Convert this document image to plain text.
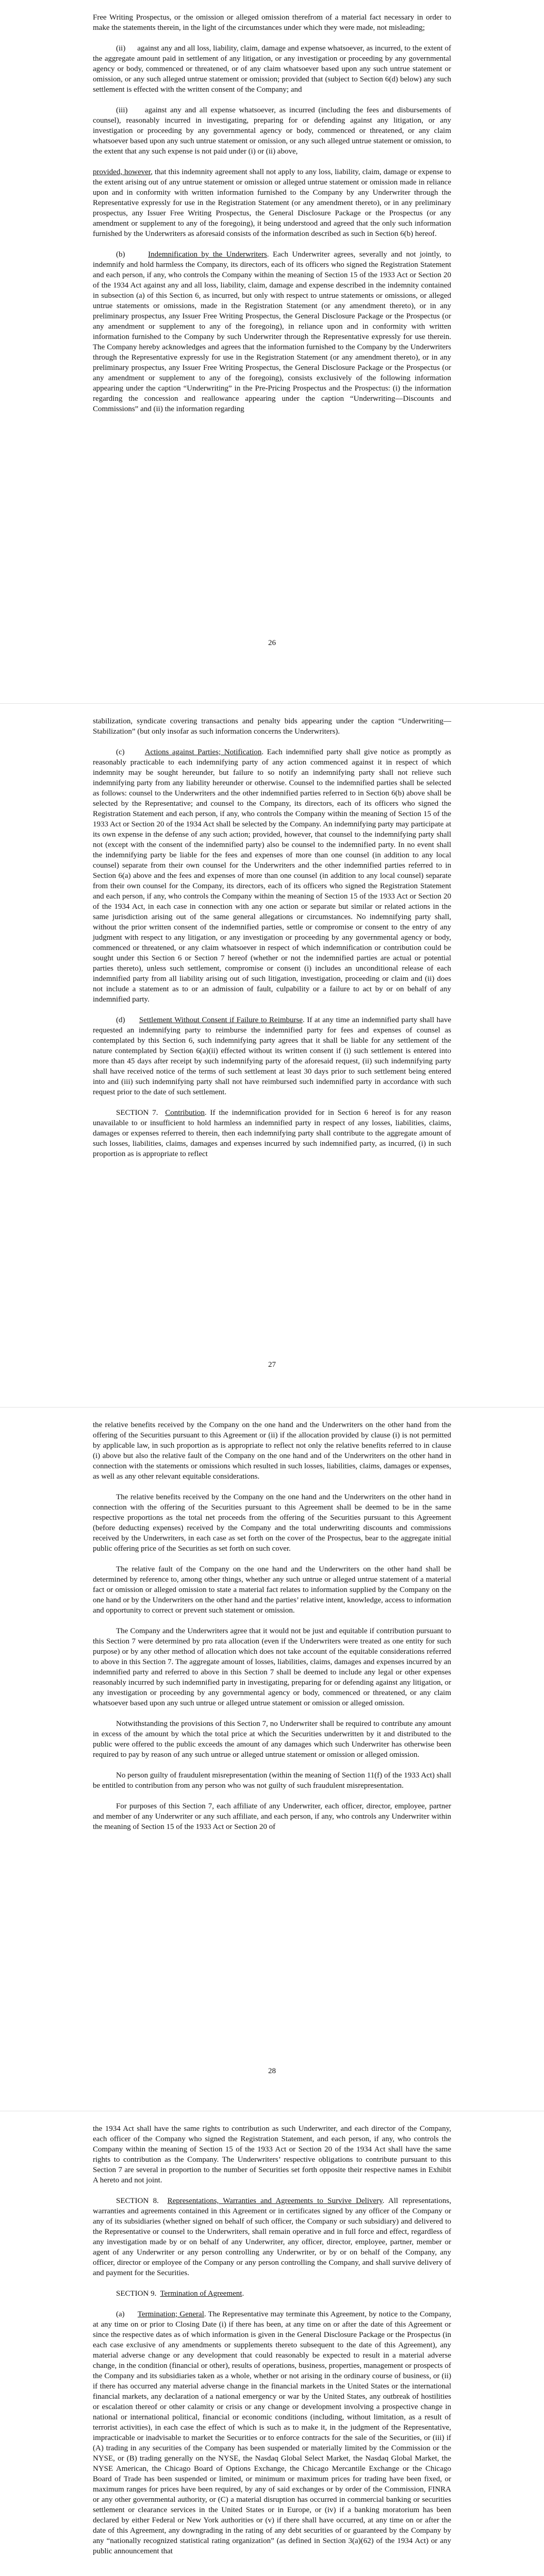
Free Writing Prospectus, or the omission or alleged omission therefrom of a material fact necessary in order to make the statements therein, in the light of the circumstances under which they were made, not misleading;

(ii)      against any and all loss, liability, claim, damage and expense whatsoever, as incurred, to the extent of the aggregate amount paid in settlement of any litigation, or any investigation or proceeding by any governmental agency or body, commenced or threatened, or of any claim whatsoever based upon any such untrue statement or omission, or any such alleged untrue statement or omission; provided that (subject to Section 6(d) below) any such settlement is effected with the written consent of the Company; and

(iii)     against any and all expense whatsoever, as incurred (including the fees and disbursements of counsel), reasonably incurred in investigating, preparing for or defending against any litigation, or any investigation or proceeding by any governmental agency or body, commenced or threatened, or any claim whatsoever based upon any such untrue statement or omission, or any such alleged untrue statement or omission, to the extent that any such expense is not paid under (i) or (ii) above,

provided, however, that this indemnity agreement shall not apply to any loss, liability, claim, damage or expense to the extent arising out of any untrue statement or omission or alleged untrue statement or omission made in reliance upon and in conformity with written information furnished to the Company by any Underwriter through the Representative expressly for use in the Registration Statement (or any amendment thereto), or in any preliminary prospectus, any Issuer Free Writing Prospectus, the General Disclosure Package or the Prospectus (or any amendment or supplement to any of the foregoing), it being understood and agreed that the only such information furnished by the Underwriters as aforesaid consists of the information described as such in Section 6(b) hereof.

(b)      Indemnification by the Underwriters. Each Underwriter agrees, severally and not jointly, to indemnify and hold harmless the Company, its directors, each of its officers who signed the Registration Statement and each person, if any, who controls the Company within the meaning of Section 15 of the 1933 Act or Section 20 of the 1934 Act against any and all loss, liability, claim, damage and expense described in the indemnity contained in subsection (a) of this Section 6, as incurred, but only with respect to untrue statements or omissions, or alleged untrue statements or omissions, made in the Registration Statement (or any amendment thereto), or in any preliminary prospectus, any Issuer Free Writing Prospectus, the General Disclosure Package or the Prospectus (or any amendment or supplement to any of the foregoing), in reliance upon and in conformity with written information furnished to the Company by such Underwriter through the Representative expressly for use therein. The Company hereby acknowledges and agrees that the information furnished to the Company by the Underwriters through the Representative expressly for use in the Registration Statement (or any amendment thereto), or in any preliminary prospectus, any Issuer Free Writing Prospectus, the General Disclosure Package or the Prospectus (or any amendment or supplement to any of the foregoing), consists exclusively of the following information appearing under the caption “Underwriting” in the Pre-Pricing Prospectus and the Prospectus: (i) the information regarding the concession and reallowance appearing under the caption “Underwriting—Discounts and Commissions” and (ii) the information regarding

26

stabilization, syndicate covering transactions and penalty bids appearing under the caption “Underwriting—Stabilization” (but only insofar as such information concerns the Underwriters).

(c)      Actions against Parties; Notification. Each indemnified party shall give notice as promptly as reasonably practicable to each indemnifying party of any action commenced against it in respect of which indemnity may be sought hereunder, but failure to so notify an indemnifying party shall not relieve such indemnifying party from any liability hereunder or otherwise. Counsel to the indemnified parties shall be selected as follows: counsel to the Underwriters and the other indemnified parties referred to in Section 6(b) above shall be selected by the Representative; and counsel to the Company, its directors, each of its officers who signed the Registration Statement and each person, if any, who controls the Company within the meaning of Section 15 of the 1933 Act or Section 20 of the 1934 Act shall be selected by the Company. An indemnifying party may participate at its own expense in the defense of any such action; provided, however, that counsel to the indemnifying party shall not (except with the consent of the indemnified party) also be counsel to the indemnified party. In no event shall the indemnifying party be liable for the fees and expenses of more than one counsel (in addition to any local counsel) separate from their own counsel for the Underwriters and the other indemnified parties referred to in Section 6(a) above and the fees and expenses of more than one counsel (in addition to any local counsel) separate from their own counsel for the Company, its directors, each of its officers who signed the Registration Statement and each person, if any, who controls the Company within the meaning of Section 15 of the 1933 Act or Section 20 of the 1934 Act, in each case in connection with any one action or separate but similar or related actions in the same jurisdiction arising out of the same general allegations or circumstances. No indemnifying party shall, without the prior written consent of the indemnified parties, settle or compromise or consent to the entry of any judgment with respect to any litigation, or any investigation or proceeding by any governmental agency or body, commenced or threatened, or any claim whatsoever in respect of which indemnification or contribution could be sought under this Section 6 or Section 7 hereof (whether or not the indemnified parties are actual or potential parties thereto), unless such settlement, compromise or consent (i) includes an unconditional release of each indemnified party from all liability arising out of such litigation, investigation, proceeding or claim and (ii) does not include a statement as to or an admission of fault, culpability or a failure to act by or on behalf of any indemnified party.

(d)      Settlement Without Consent if Failure to Reimburse. If at any time an indemnified party shall have requested an indemnifying party to reimburse the indemnified party for fees and expenses of counsel as contemplated by this Section 6, such indemnifying party agrees that it shall be liable for any settlement of the nature contemplated by Section 6(a)(ii) effected without its written consent if (i) such settlement is entered into more than 45 days after receipt by such indemnifying party of the aforesaid request, (ii) such indemnifying party shall have received notice of the terms of such settlement at least 30 days prior to such settlement being entered into and (iii) such indemnifying party shall not have reimbursed such indemnified party in accordance with such request prior to the date of such settlement.

SECTION 7.  Contribution. If the indemnification provided for in Section 6 hereof is for any reason unavailable to or insufficient to hold harmless an indemnified party in respect of any losses, liabilities, claims, damages or expenses referred to therein, then each indemnifying party shall contribute to the aggregate amount of such losses, liabilities, claims, damages and expenses incurred by such indemnified party, as incurred, (i) in such proportion as is appropriate to reflect

27

the relative benefits received by the Company on the one hand and the Underwriters on the other hand from the offering of the Securities pursuant to this Agreement or (ii) if the allocation provided by clause (i) is not permitted by applicable law, in such proportion as is appropriate to reflect not only the relative benefits referred to in clause (i) above but also the relative fault of the Company on the one hand and of the Underwriters on the other hand in connection with the statements or omissions which resulted in such losses, liabilities, claims, damages or expenses, as well as any other relevant equitable considerations.

The relative benefits received by the Company on the one hand and the Underwriters on the other hand in connection with the offering of the Securities pursuant to this Agreement shall be deemed to be in the same respective proportions as the total net proceeds from the offering of the Securities pursuant to this Agreement (before deducting expenses) received by the Company and the total underwriting discounts and commissions received by the Underwriters, in each case as set forth on the cover of the Prospectus, bear to the aggregate initial public offering price of the Securities as set forth on such cover.

The relative fault of the Company on the one hand and the Underwriters on the other hand shall be determined by reference to, among other things, whether any such untrue or alleged untrue statement of a material fact or omission or alleged omission to state a material fact relates to information supplied by the Company on the one hand or by the Underwriters on the other hand and the parties’ relative intent, knowledge, access to information and opportunity to correct or prevent such statement or omission.

The Company and the Underwriters agree that it would not be just and equitable if contribution pursuant to this Section 7 were determined by pro rata allocation (even if the Underwriters were treated as one entity for such purpose) or by any other method of allocation which does not take account of the equitable considerations referred to above in this Section 7. The aggregate amount of losses, liabilities, claims, damages and expenses incurred by an indemnified party and referred to above in this Section 7 shall be deemed to include any legal or other expenses reasonably incurred by such indemnified party in investigating, preparing for or defending against any litigation, or any investigation or proceeding by any governmental agency or body, commenced or threatened, or any claim whatsoever based upon any such untrue or alleged untrue statement or omission or alleged omission.

Notwithstanding the provisions of this Section 7, no Underwriter shall be required to contribute any amount in excess of the amount by which the total price at which the Securities underwritten by it and distributed to the public were offered to the public exceeds the amount of any damages which such Underwriter has otherwise been required to pay by reason of any such untrue or alleged untrue statement or omission or alleged omission.

No person guilty of fraudulent misrepresentation (within the meaning of Section 11(f) of the 1933 Act) shall be entitled to contribution from any person who was not guilty of such fraudulent misrepresentation.

For purposes of this Section 7, each affiliate of any Underwriter, each officer, director, employee, partner and member of any Underwriter or any such affiliate, and each person, if any, who controls any Underwriter within the meaning of Section 15 of the 1933 Act or Section 20 of

28

the 1934 Act shall have the same rights to contribution as such Underwriter, and each director of the Company, each officer of the Company who signed the Registration Statement, and each person, if any, who controls the Company within the meaning of Section 15 of the 1933 Act or Section 20 of the 1934 Act shall have the same rights to contribution as the Company. The Underwriters’ respective obligations to contribute pursuant to this Section 7 are several in proportion to the number of Securities set forth opposite their respective names in Exhibit A hereto and not joint.

SECTION 8.  Representations, Warranties and Agreements to Survive Delivery. All representations, warranties and agreements contained in this Agreement or in certificates signed by any officer of the Company or any of its subsidiaries (whether signed on behalf of such officer, the Company or such subsidiary) and delivered to the Representative or counsel to the Underwriters, shall remain operative and in full force and effect, regardless of any investigation made by or on behalf of any Underwriter, any officer, director, employee, partner, member or agent of any Underwriter or any person controlling any Underwriter, or by or on behalf of the Company, any officer, director or employee of the Company or any person controlling the Company, and shall survive delivery of and payment for the Securities.

SECTION 9.  Termination of Agreement.

(a)      Termination; General. The Representative may terminate this Agreement, by notice to the Company, at any time on or prior to Closing Date (i) if there has been, at any time on or after the date of this Agreement or since the respective dates as of which information is given in the General Disclosure Package or the Prospectus (in each case exclusive of any amendments or supplements thereto subsequent to the date of this Agreement), any material adverse change or any development that could reasonably be expected to result in a material adverse change, in the condition (financial or other), results of operations, business, properties, management or prospects of the Company and its subsidiaries taken as a whole, whether or not arising in the ordinary course of business, or (ii) if there has occurred any material adverse change in the financial markets in the United States or the international financial markets, any declaration of a national emergency or war by the United States, any outbreak of hostilities or escalation thereof or other calamity or crisis or any change or development involving a prospective change in national or international political, financial or economic conditions (including, without limitation, as a result of terrorist activities), in each case the effect of which is such as to make it, in the judgment of the Representative, impracticable or inadvisable to market the Securities or to enforce contracts for the sale of the Securities, or (iii) if (A) trading in any securities of the Company has been suspended or materially limited by the Commission or the NYSE, or (B) trading generally on the NYSE, the Nasdaq Global Select Market, the Nasdaq Global Market, the NYSE American, the Chicago Board of Options Exchange, the Chicago Mercantile Exchange or the Chicago Board of Trade has been suspended or limited, or minimum or maximum prices for trading have been fixed, or maximum ranges for prices have been required, by any of said exchanges or by order of the Commission, FINRA or any other governmental authority, or (C) a material disruption has occurred in commercial banking or securities settlement or clearance services in the United States or in Europe, or (iv) if a banking moratorium has been declared by either Federal or New York authorities or (v) if there shall have occurred, at any time on or after the date of this Agreement, any downgrading in the rating of any debt securities of or guaranteed by the Company by any “nationally recognized statistical rating organization” (as defined in Section 3(a)(62) of the 1934 Act) or any public announcement that
